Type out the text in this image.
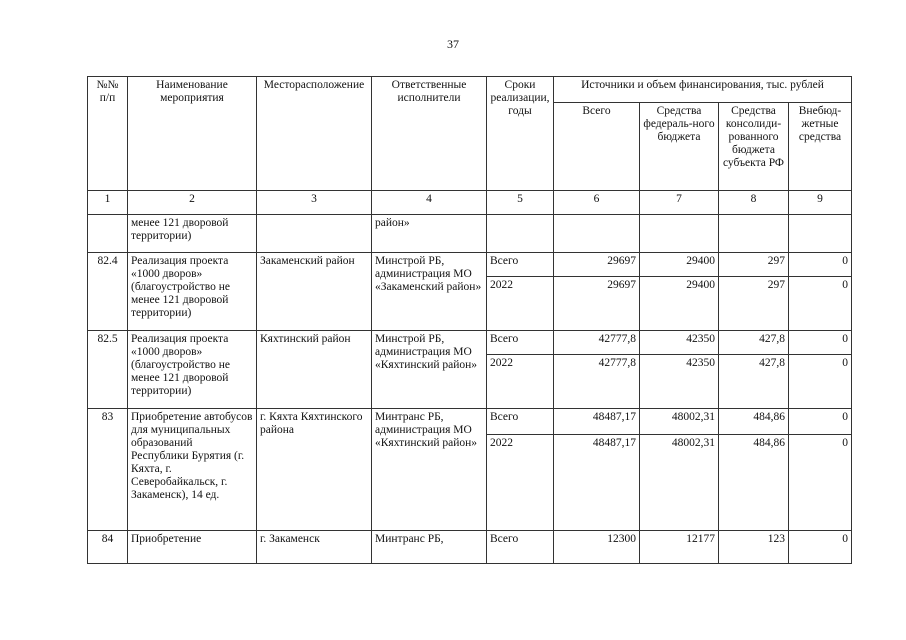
37
№№ п/п	Наименование мероприятия	Месторасположение	Ответственные исполнители	Сроки реализации, годы	Источники и объем финансирования, тыс. рублей			
					Всего	Средства федераль-ного бюджета	Средства консолиди-рованного бюджета субъекта РФ	Внебюд-жетные средства
1	2	3	4	5	6	7	8	9
	менее 121 дворовой территории)		район»					
82.4	Реализация проекта «1000 дворов» (благоустройство не менее 121 дворовой территории)	Закаменский район	Минстрой РБ, администрация МО «Закаменский район»	Всего	29697	29400	297	0
				2022	29697	29400	297	0
82.5	Реализация проекта «1000 дворов» (благоустройство не менее 121 дворовой территории)	Кяхтинский район	Минстрой РБ, администрация МО «Кяхтинский район»	Всего	42777,8	42350	427,8	0
				2022	42777,8	42350	427,8	0
83	Приобретение автобусов для муниципальных образований Республики Бурятия (г. Кяхта, г. Северобайкальск, г. Закаменск), 14 ед.	г. Кяхта Кяхтинского района	Минтранс РБ, администрация МО «Кяхтинский район»	Всего	48487,17	48002,31	484,86	0
				2022	48487,17	48002,31	484,86	0
84	Приобретение	г. Закаменск	Минтранс РБ,	Всего	12300	12177	123	0
